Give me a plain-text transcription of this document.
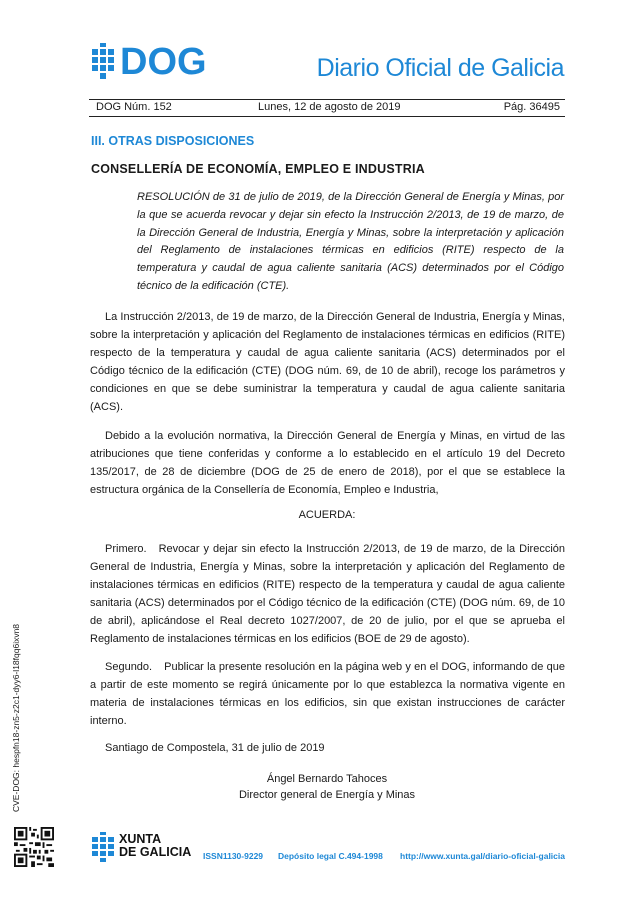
DOG	Diario Oficial de Galicia
DOG Núm. 152	Lunes, 12 de agosto de 2019	Pág. 36495
III. OTRAS DISPOSICIONES
CONSELLERÍA DE ECONOMÍA, EMPLEO E INDUSTRIA

RESOLUCIÓN de 31 de julio de 2019, de la Dirección General de Energía y Minas, por la que se acuerda revocar y dejar sin efecto la Instrucción 2/2013, de 19 de marzo, de la Dirección General de Industria, Energía y Minas, sobre la interpretación y aplicación del Reglamento de instalaciones térmicas en edificios (RITE) respecto de la temperatura y caudal de agua caliente sanitaria (ACS) determinados por el Código técnico de la edificación (CTE).

La Instrucción 2/2013, de 19 de marzo, de la Dirección General de Industria, Energía y Minas, sobre la interpretación y aplicación del Reglamento de instalaciones térmicas en edificios (RITE) respecto de la temperatura y caudal de agua caliente sanitaria (ACS) determinados por el Código técnico de la edificación (CTE) (DOG núm. 69, de 10 de abril), recoge los parámetros y condiciones en que se debe suministrar la temperatura y caudal de agua caliente sanitaria (ACS).

Debido a la evolución normativa, la Dirección General de Energía y Minas, en virtud de las atribuciones que tiene conferidas y conforme a lo establecido en el artículo 19 del Decreto 135/2017, de 28 de diciembre (DOG de 25 de enero de 2018), por el que se establece la estructura orgánica de la Consellería de Economía, Empleo e Industria,

ACUERDA:

Primero. Revocar y dejar sin efecto la Instrucción 2/2013, de 19 de marzo, de la Dirección General de Industria, Energía y Minas, sobre la interpretación y aplicación del Reglamento de instalaciones térmicas en edificios (RITE) respecto de la temperatura y caudal de agua caliente sanitaria (ACS) determinados por el Código técnico de la edificación (CTE) (DOG núm. 69, de 10 de abril), aplicándose el Real decreto 1027/2007, de 20 de julio, por el que se aprueba el Reglamento de instalaciones térmicas en los edificios (BOE de 29 de agosto).

Segundo. Publicar la presente resolución en la página web y en el DOG, informando de que a partir de este momento se regirá únicamente por lo que establezca la normativa vigente en materia de instalaciones térmicas en los edificios, sin que existan instrucciones de carácter interno.

Santiago de Compostela, 31 de julio de 2019
Ángel Bernardo Tahoces
Director general de Energía y Minas
CVE-DOG: hespfn18-zn5-z2c1-dyy6-l18fqq6ixvn8
XUNTA
DE GALICIA ISSN1130-9229 Depósito legal C.494-1998 http://www.xunta.gal/diario-oficial-galicia
